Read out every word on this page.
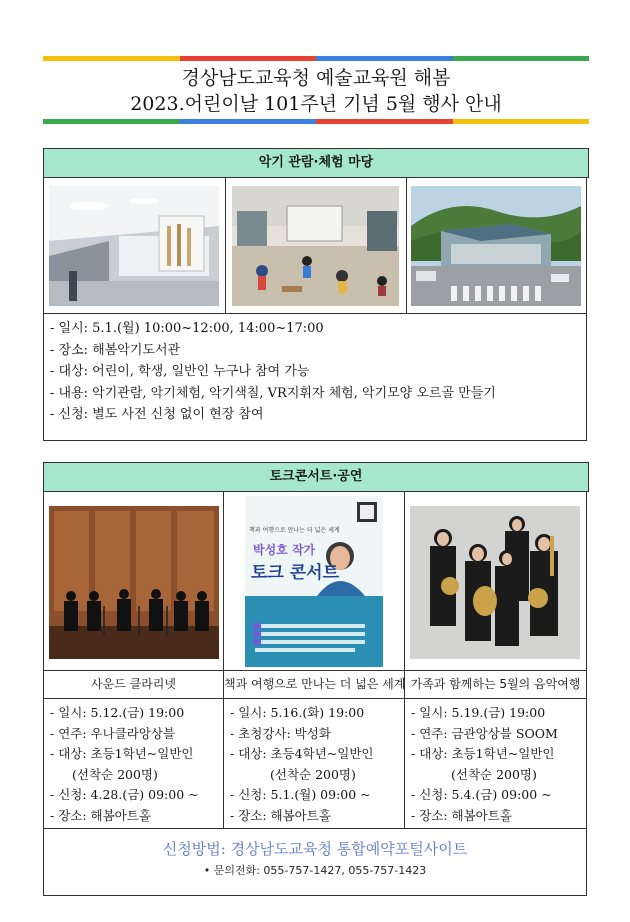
경상남도교육청 예술교육원 해봄
2023.어린이날 101주년 기념 5월 행사 안내
악기 관람·체험 마당
- 일시: 5.1.(월) 10:00~12:00, 14:00~17:00
- 장소: 해봄악기도서관
- 대상: 어린이, 학생, 일반인 누구나 참여 가능
- 내용: 악기관람, 악기체험, 악기색칠, VR지휘자 체험, 악기모양 오르골 만들기
- 신청: 별도 사전 신청 없이 현장 참여
토크콘서트·공연
책과 여행으로 만나는 더 넓은 세계
박성호 작가
토크 콘서트
사운드 클라리넷	책과 여행으로 만나는 더 넓은 세계 가족과 함께하는 5월의 음악여행
- 일시: 5.12.(금) 19:00
- 연주: 우나클라앙상블
- 대상: 초등1학년~일반인
(선착순 200명)
- 신청: 4.28.(금) 09:00 ~
- 장소: 해봄아트홀
- 일시: 5.16.(화) 19:00
- 초청강사: 박성화
- 대상: 초등4학년~일반인
(선착순 200명)
- 신청: 5.1.(월) 09:00 ~
- 장소: 해봄아트홀
- 일시: 5.19.(금) 19:00
- 연주: 금관앙상블 SOOM
- 대상: 초등1학년~일반인
(선착순 200명)
- 신청: 5.4.(금) 09:00 ~
- 장소: 해봄아트홀
신청방법: 경상남도교육청 통합예약포털사이트
• 문의전화: 055-757-1427, 055-757-1423
